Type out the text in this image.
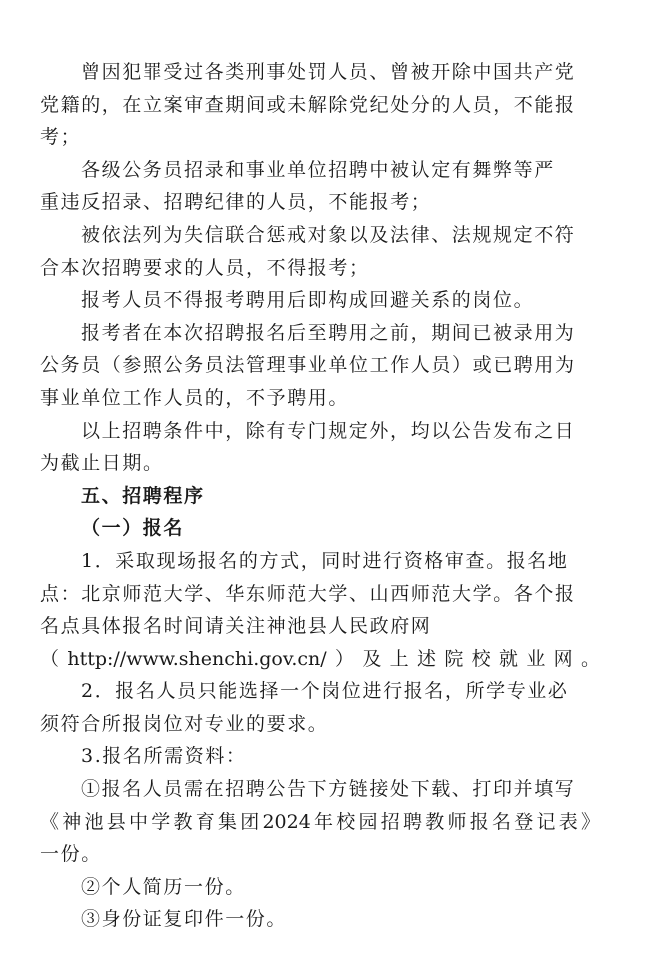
曾因犯罪受过各类刑事处罚人员、曾被开除中国共产党
党籍的，在立案审查期间或未解除党纪处分的人员，不能报
考；
各级公务员招录和事业单位招聘中被认定有舞弊等严
重违反招录、招聘纪律的人员，不能报考；
被依法列为失信联合惩戒对象以及法律、法规规定不符
合本次招聘要求的人员，不得报考；
报考人员不得报考聘用后即构成回避关系的岗位。
报考者在本次招聘报名后至聘用之前，期间已被录用为
公务员（参照公务员法管理事业单位工作人员）或已聘用为
事业单位工作人员的，不予聘用。
以上招聘条件中，除有专门规定外，均以公告发布之日
为截止日期。
五、招聘程序
（一）报名
1．采取现场报名的方式，同时进行资格审查。报名地
点：北京师范大学、华东师范大学、山西师范大学。各个报
名点具体报名时间请关注神池县人民政府网
（http://www.shenchi.gov.cn/）及上述院校就业网。
2．报名人员只能选择一个岗位进行报名，所学专业必
须符合所报岗位对专业的要求。
3.报名所需资料：
①报名人员需在招聘公告下方链接处下载、打印并填写
《神池县中学教育集团2024年校园招聘教师报名登记表》
一份。
②个人简历一份。
③身份证复印件一份。
